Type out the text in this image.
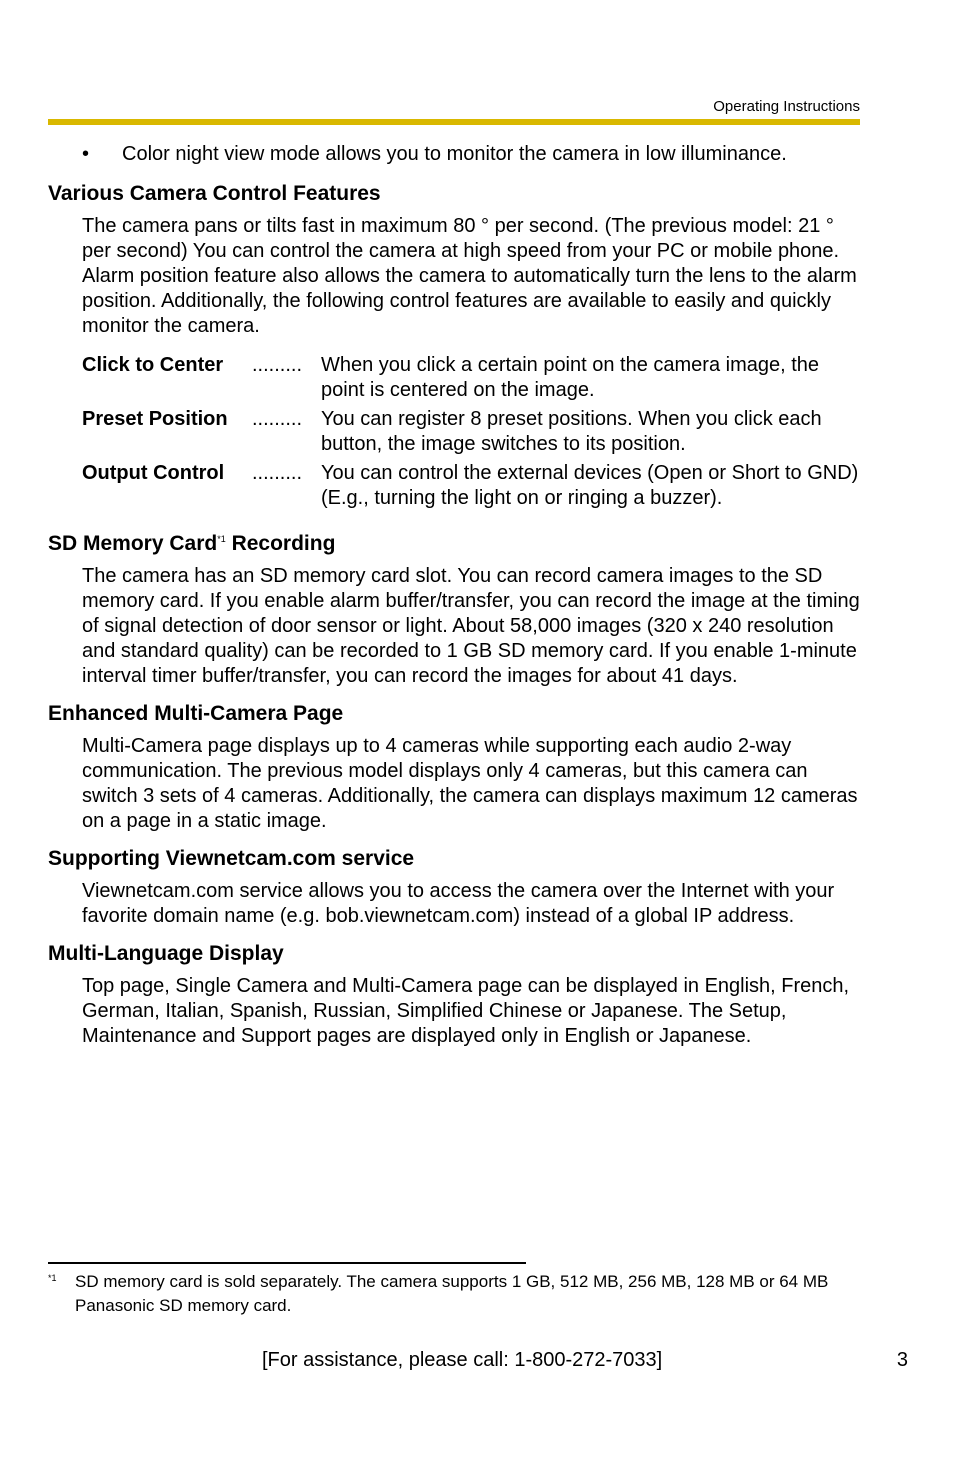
Operating Instructions
• Color night view mode allows you to monitor the camera in low illuminance.
Various Camera Control Features

The camera pans or tilts fast in maximum 80 ° per second. (The previous model: 21 ° per second) You can control the camera at high speed from your PC or mobile phone. Alarm position feature also allows the camera to automatically turn the lens to the alarm position. Additionally, the following control features are available to easily and quickly monitor the camera.

Click to Center	......... When you click a certain point on the camera image, the point is centered on the image.
Preset Position	......... You can register 8 preset positions. When you click each button, the image switches to its position.
Output Control	......... You can control the external devices (Open or Short to GND) (E.g., turning the light on or ringing a buzzer).
SD Memory Card$^{*1}$ Recording

The camera has an SD memory card slot. You can record camera images to the SD memory card. If you enable alarm buffer/transfer, you can record the image at the timing of signal detection of door sensor or light. About 58,000 images (320 x 240 resolution and standard quality) can be recorded to 1 GB SD memory card. If you enable 1-minute interval timer buffer/transfer, you can record the images for about 41 days.

Enhanced Multi-Camera Page

Multi-Camera page displays up to 4 cameras while supporting each audio 2-way communication. The previous model displays only 4 cameras, but this camera can switch 3 sets of 4 cameras. Additionally, the camera can displays maximum 12 cameras on a page in a static image.

Supporting Viewnetcam.com service

Viewnetcam.com service allows you to access the camera over the Internet with your favorite domain name (e.g. bob.viewnetcam.com) instead of a global IP address.

Multi-Language Display

Top page, Single Camera and Multi-Camera page can be displayed in English, French, German, Italian, Spanish, Russian, Simplified Chinese or Japanese. The Setup, Maintenance and Support pages are displayed only in English or Japanese.

*1	SD memory card is sold separately. The camera supports 1 GB, 512 MB, 256 MB, 128 MB or 64 MB Panasonic SD memory card.
[For assistance, please call: 1-800-272-7033]	3
